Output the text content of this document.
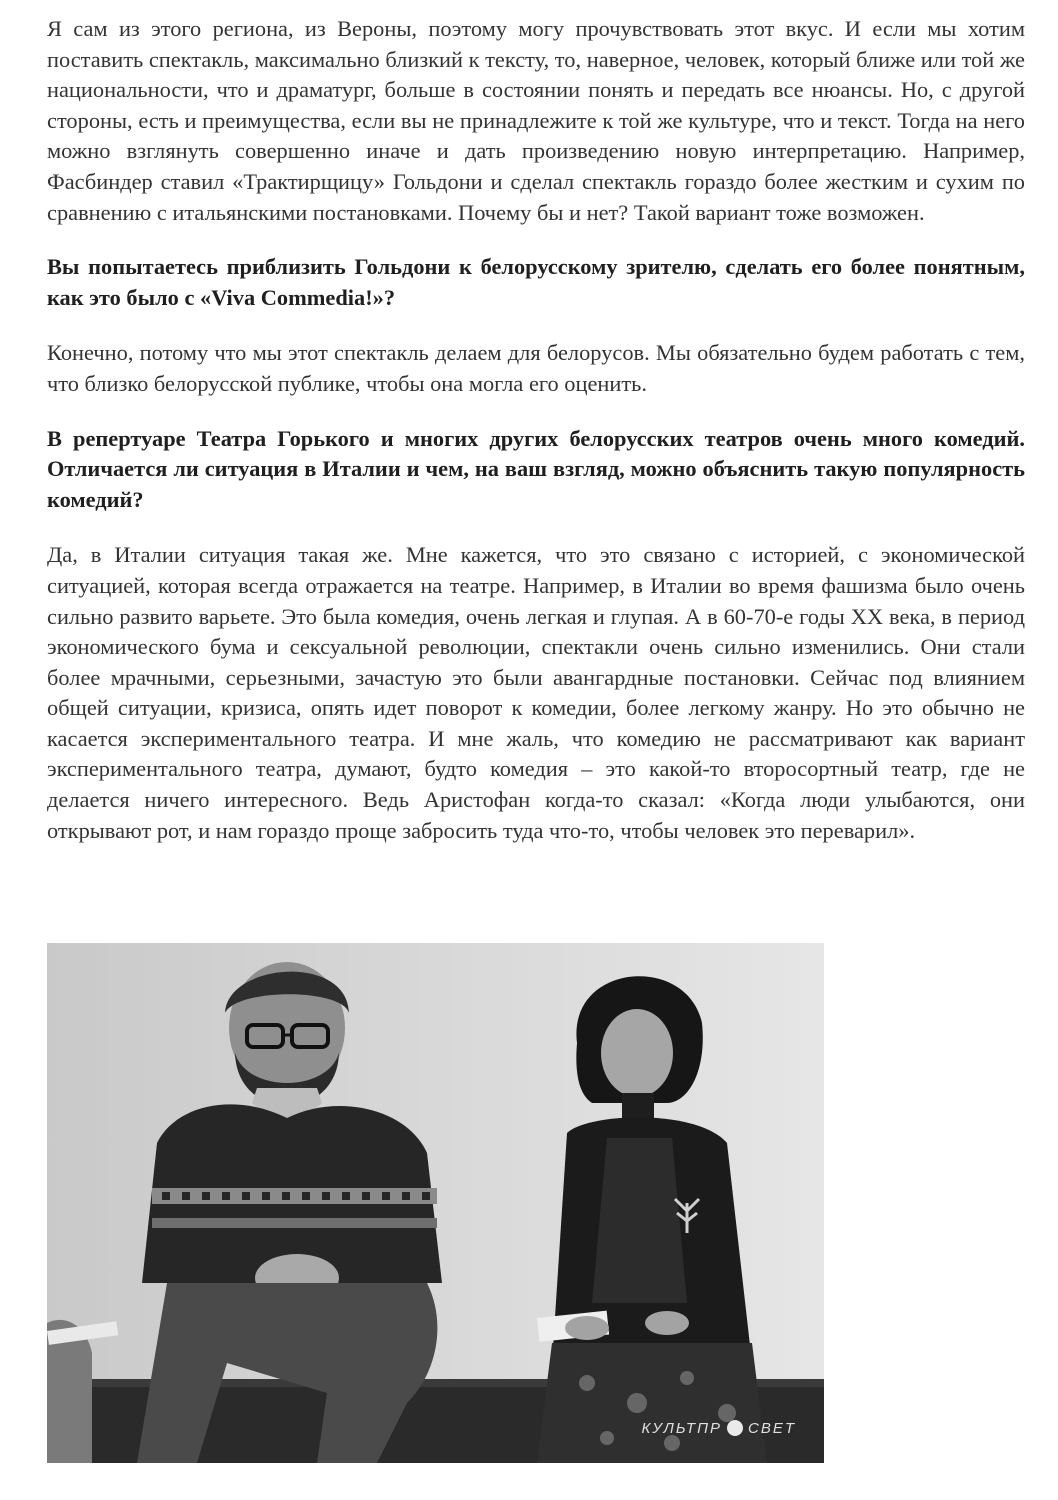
Я сам из этого региона, из Вероны, поэтому могу прочувствовать этот вкус. И если мы хотим поставить спектакль, максимально близкий к тексту, то, наверное, человек, который ближе или той же национальности, что и драматург, больше в состоянии понять и передать все нюансы. Но, с другой стороны, есть и преимущества, если вы не принадлежите к той же культуре, что и текст. Тогда на него можно взглянуть совершенно иначе и дать произведению новую интерпретацию. Например, Фасбиндер ставил «Трактирщицу» Гольдони и сделал спектакль гораздо более жестким и сухим по сравнению с итальянскими постановками. Почему бы и нет? Такой вариант тоже возможен.

Вы попытаетесь приблизить Гольдони к белорусскому зрителю, сделать его более понятным, как это было с «Viva Commedia!»?

Конечно, потому что мы этот спектакль делаем для белорусов. Мы обязательно будем работать с тем, что близко белорусской публике, чтобы она могла его оценить.

В репертуаре Театра Горького и многих других белорусских театров очень много комедий. Отличается ли ситуация в Италии и чем, на ваш взгляд, можно объяснить такую популярность комедий?

Да, в Италии ситуация такая же. Мне кажется, что это связано с историей, с экономической ситуацией, которая всегда отражается на театре. Например, в Италии во время фашизма было очень сильно развито варьете. Это была комедия, очень легкая и глупая. А в 60-70-е годы XX века, в период экономического бума и сексуальной революции, спектакли очень сильно изменились. Они стали более мрачными, серьезными, зачастую это были авангардные постановки. Сейчас под влиянием общей ситуации, кризиса, опять идет поворот к комедии, более легкому жанру. Но это обычно не касается экспериментального театра. И мне жаль, что комедию не рассматривают как вариант экспериментального театра, думают, будто комедия – это какой-то второсортный театр, где не делается ничего интересного. Ведь Аристофан когда-то сказал: «Когда люди улыбаются, они открывают рот, и нам гораздо проще забросить туда что-то, чтобы человек это переварил».

КУЛЬТПР СВЕТ
